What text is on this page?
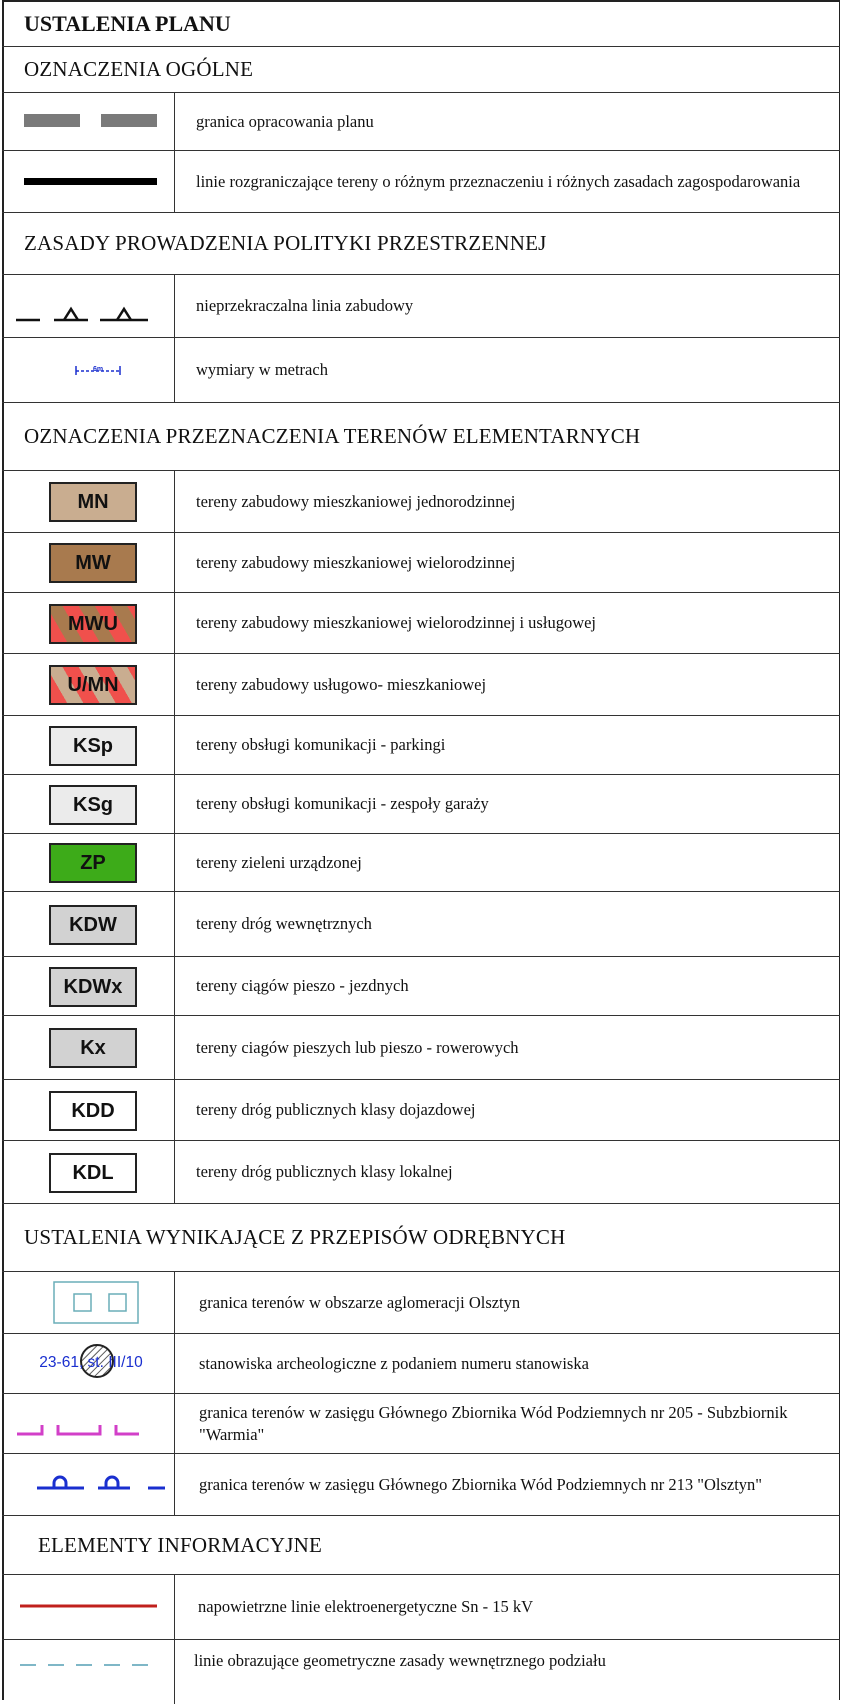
USTALENIA PLANU
OZNACZENIA OGÓLNE
granica opracowania planu
linie rozgraniczające tereny o różnym przeznaczeniu i różnych zasadach zagospodarowania
ZASADY PROWADZENIA POLITYKI PRZESTRZENNEJ
nieprzekraczalna linia zabudowy
6m	wymiary w metrach
OZNACZENIA PRZEZNACZENIA TERENÓW ELEMENTARNYCH
MN	tereny zabudowy mieszkaniowej jednorodzinnej
MW	tereny zabudowy mieszkaniowej wielorodzinnej
MWU	tereny zabudowy mieszkaniowej wielorodzinnej i usługowej
U/MN	tereny zabudowy usługowo- mieszkaniowej
KSp	tereny obsługi komunikacji - parkingi
KSg	tereny obsługi komunikacji - zespoły garaży
ZP	tereny zieleni urządzonej
KDW	tereny dróg wewnętrznych
KDWx	tereny ciągów pieszo - jezdnych
Kx	tereny ciagów pieszych lub pieszo - rowerowych
KDD	tereny dróg publicznych klasy dojazdowej
KDL	tereny dróg publicznych klasy lokalnej
USTALENIA WYNIKAJĄCE Z PRZEPISÓW ODRĘBNYCH
granica terenów w obszarze aglomeracji Olsztyn
23-61, st. III/10	stanowiska archeologiczne z podaniem numeru stanowiska
granica terenów w zasięgu Głównego Zbiornika Wód Podziemnych nr 205 - Subzbiornik "Warmia"
granica terenów w zasięgu Głównego Zbiornika Wód Podziemnych nr 213 "Olsztyn"
ELEMENTY INFORMACYJNE
napowietrzne linie elektroenergetyczne Sn - 15 kV
linie obrazujące geometryczne zasady wewnętrznego podziału
